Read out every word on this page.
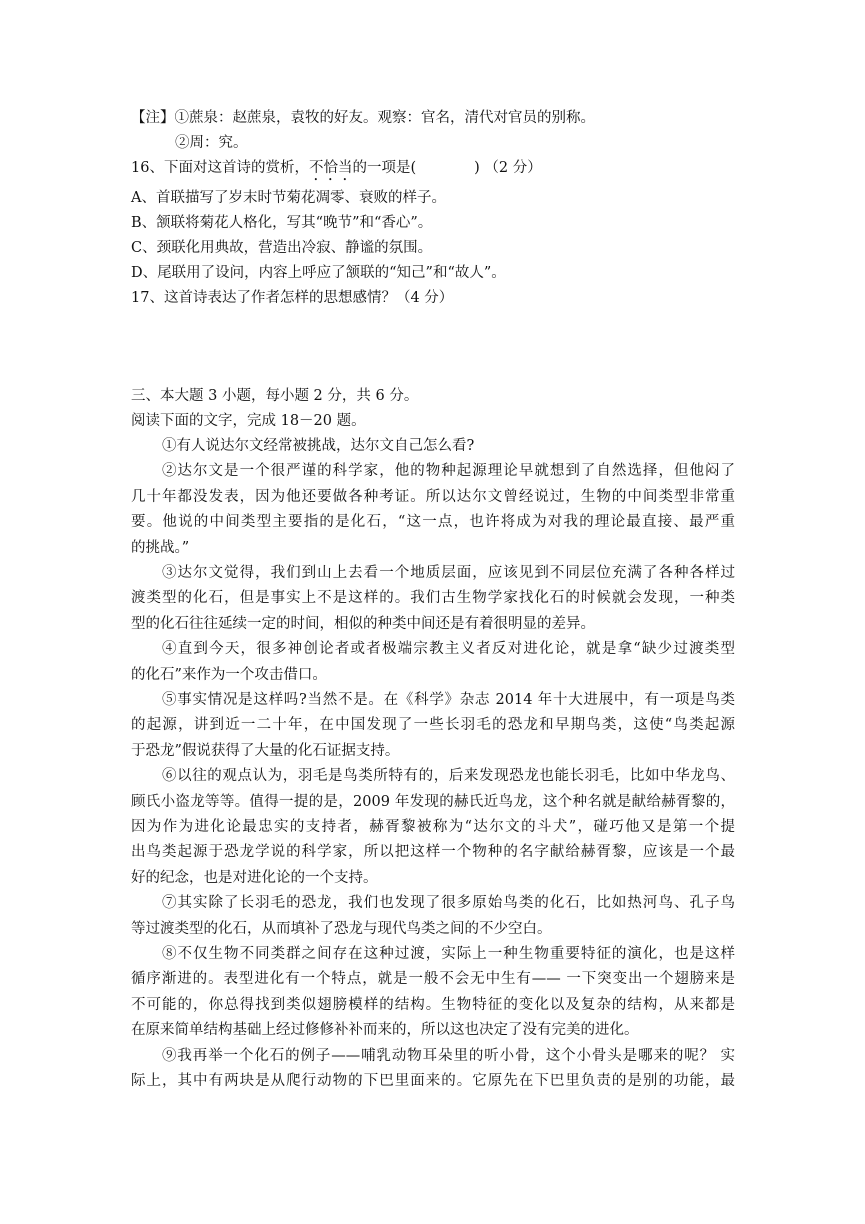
【注】①蔗泉：赵蔗泉，袁牧的好友。观察：官名，清代对官员的别称。
②周：究。
16、下面对这首诗的赏析，不恰当的一项是(	) （2 分）
A、首联描写了岁末时节菊花凋零、衰败的样子。
B、颔联将菊花人格化，写其“晚节”和“香心”。
C、颈联化用典故，营造出冷寂、静谧的氛围。
D、尾联用了设问，内容上呼应了颔联的“知己”和“故人”。
17、这首诗表达了作者怎样的思想感情？（4 分）
三、本大题 3 小题，每小题 2 分，共 6 分。
阅读下面的文字，完成 18－20 题。
①有人说达尔文经常被挑战，达尔文自己怎么看?
②达尔文是一个很严谨的科学家，他的物种起源理论早就想到了自然选择，但他闷了
几十年都没发表，因为他还要做各种考证。所以达尔文曾经说过，生物的中间类型非常重
要。他说的中间类型主要指的是化石，“这一点，也许将成为对我的理论最直接、最严重
的挑战。”
③达尔文觉得，我们到山上去看一个地质层面，应该见到不同层位充满了各种各样过
渡类型的化石，但是事实上不是这样的。我们古生物学家找化石的时候就会发现，一种类
型的化石往往延续一定的时间，相似的种类中间还是有着很明显的差异。
④直到今天，很多神创论者或者极端宗教主义者反对进化论，就是拿“缺少过渡类型
的化石”来作为一个攻击借口。
⑤事实情况是这样吗?当然不是。在《科学》杂志 2014 年十大进展中，有一项是鸟类
的起源，讲到近一二十年，在中国发现了一些长羽毛的恐龙和早期鸟类，这使“鸟类起源
于恐龙”假说获得了大量的化石证据支持。
⑥以往的观点认为，羽毛是鸟类所特有的，后来发现恐龙也能长羽毛，比如中华龙鸟、
顾氏小盗龙等等。值得一提的是，2009 年发现的赫氏近鸟龙，这个种名就是献给赫胥黎的，
因为作为进化论最忠实的支持者，赫胥黎被称为“达尔文的斗犬”，碰巧他又是第一个提
出鸟类起源于恐龙学说的科学家，所以把这样一个物种的名字献给赫胥黎，应该是一个最
好的纪念，也是对进化论的一个支持。
⑦其实除了长羽毛的恐龙，我们也发现了很多原始鸟类的化石，比如热河鸟、孔子鸟
等过渡类型的化石，从而填补了恐龙与现代鸟类之间的不少空白。
⑧不仅生物不同类群之间存在这种过渡，实际上一种生物重要特征的演化，也是这样
循序渐进的。表型进化有一个特点，就是一般不会无中生有—— 一下突变出一个翅膀来是
不可能的，你总得找到类似翅膀模样的结构。生物特征的变化以及复杂的结构，从来都是
在原来简单结构基础上经过修修补补而来的，所以这也决定了没有完美的进化。
⑨我再举一个化石的例子——哺乳动物耳朵里的听小骨，这个小骨头是哪来的呢？ 实
际上，其中有两块是从爬行动物的下巴里面来的。它原先在下巴里负责的是别的功能，最
